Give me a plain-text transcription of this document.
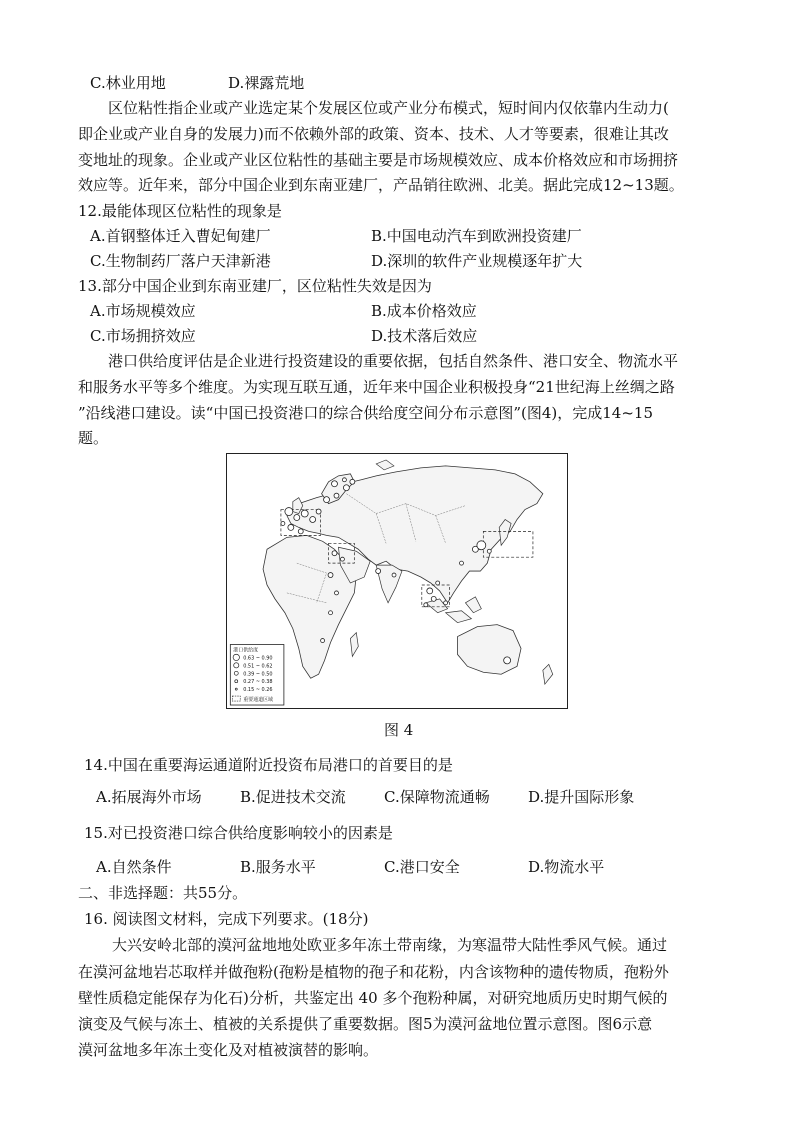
C.林业用地	D.裸露荒地
区位粘性指企业或产业选定某个发展区位或产业分布模式，短时间内仅依靠内生动力(
即企业或产业自身的发展力)而不依赖外部的政策、资本、技术、人才等要素，很难让其改
变地址的现象。企业或产业区位粘性的基础主要是市场规模效应、成本价格效应和市场拥挤
效应等。近年来，部分中国企业到东南亚建厂，产品销往欧洲、北美。据此完成12~13题。
12.最能体现区位粘性的现象是
A.首钢整体迁入曹妃甸建厂	B.中国电动汽车到欧洲投资建厂
C.生物制药厂落户天津新港	D.深圳的软件产业规模逐年扩大
13.部分中国企业到东南亚建厂，区位粘性失效是因为
A.市场规模效应	B.成本价格效应
C.市场拥挤效应	D.技术落后效应
港口供给度评估是企业进行投资建设的重要依据，包括自然条件、港口安全、物流水平
和服务水平等多个维度。为实现互联互通，近年来中国企业积极投身“21世纪海上丝绸之路
”沿线港口建设。读“中国已投资港口的综合供给度空间分布示意图”(图4)，完成14~15
题。
港口供给度
0.63 ~ 0.90
0.51 ~ 0.62
0.39 ~ 0.50
0.27 ~ 0.38
0.15 ~ 0.26
重要通道区域
图 4
14.中国在重要海运通道附近投资布局港口的首要目的是
A.拓展海外市场	B.促进技术交流	C.保障物流通畅	D.提升国际形象
15.对已投资港口综合供给度影响较小的因素是
A.自然条件	B.服务水平	C.港口安全	D.物流水平
二、非选择题：共55分。
16. 阅读图文材料，完成下列要求。(18分)
大兴安岭北部的漠河盆地地处欧亚多年冻土带南缘，为寒温带大陆性季风气候。通过
在漠河盆地岩芯取样并做孢粉(孢粉是植物的孢子和花粉，内含该物种的遗传物质，孢粉外
壁性质稳定能保存为化石)分析，共鉴定出 40 多个孢粉种属，对研究地质历史时期气候的
演变及气候与冻土、植被的关系提供了重要数据。图5为漠河盆地位置示意图。图6示意
漠河盆地多年冻土变化及对植被演替的影响。
